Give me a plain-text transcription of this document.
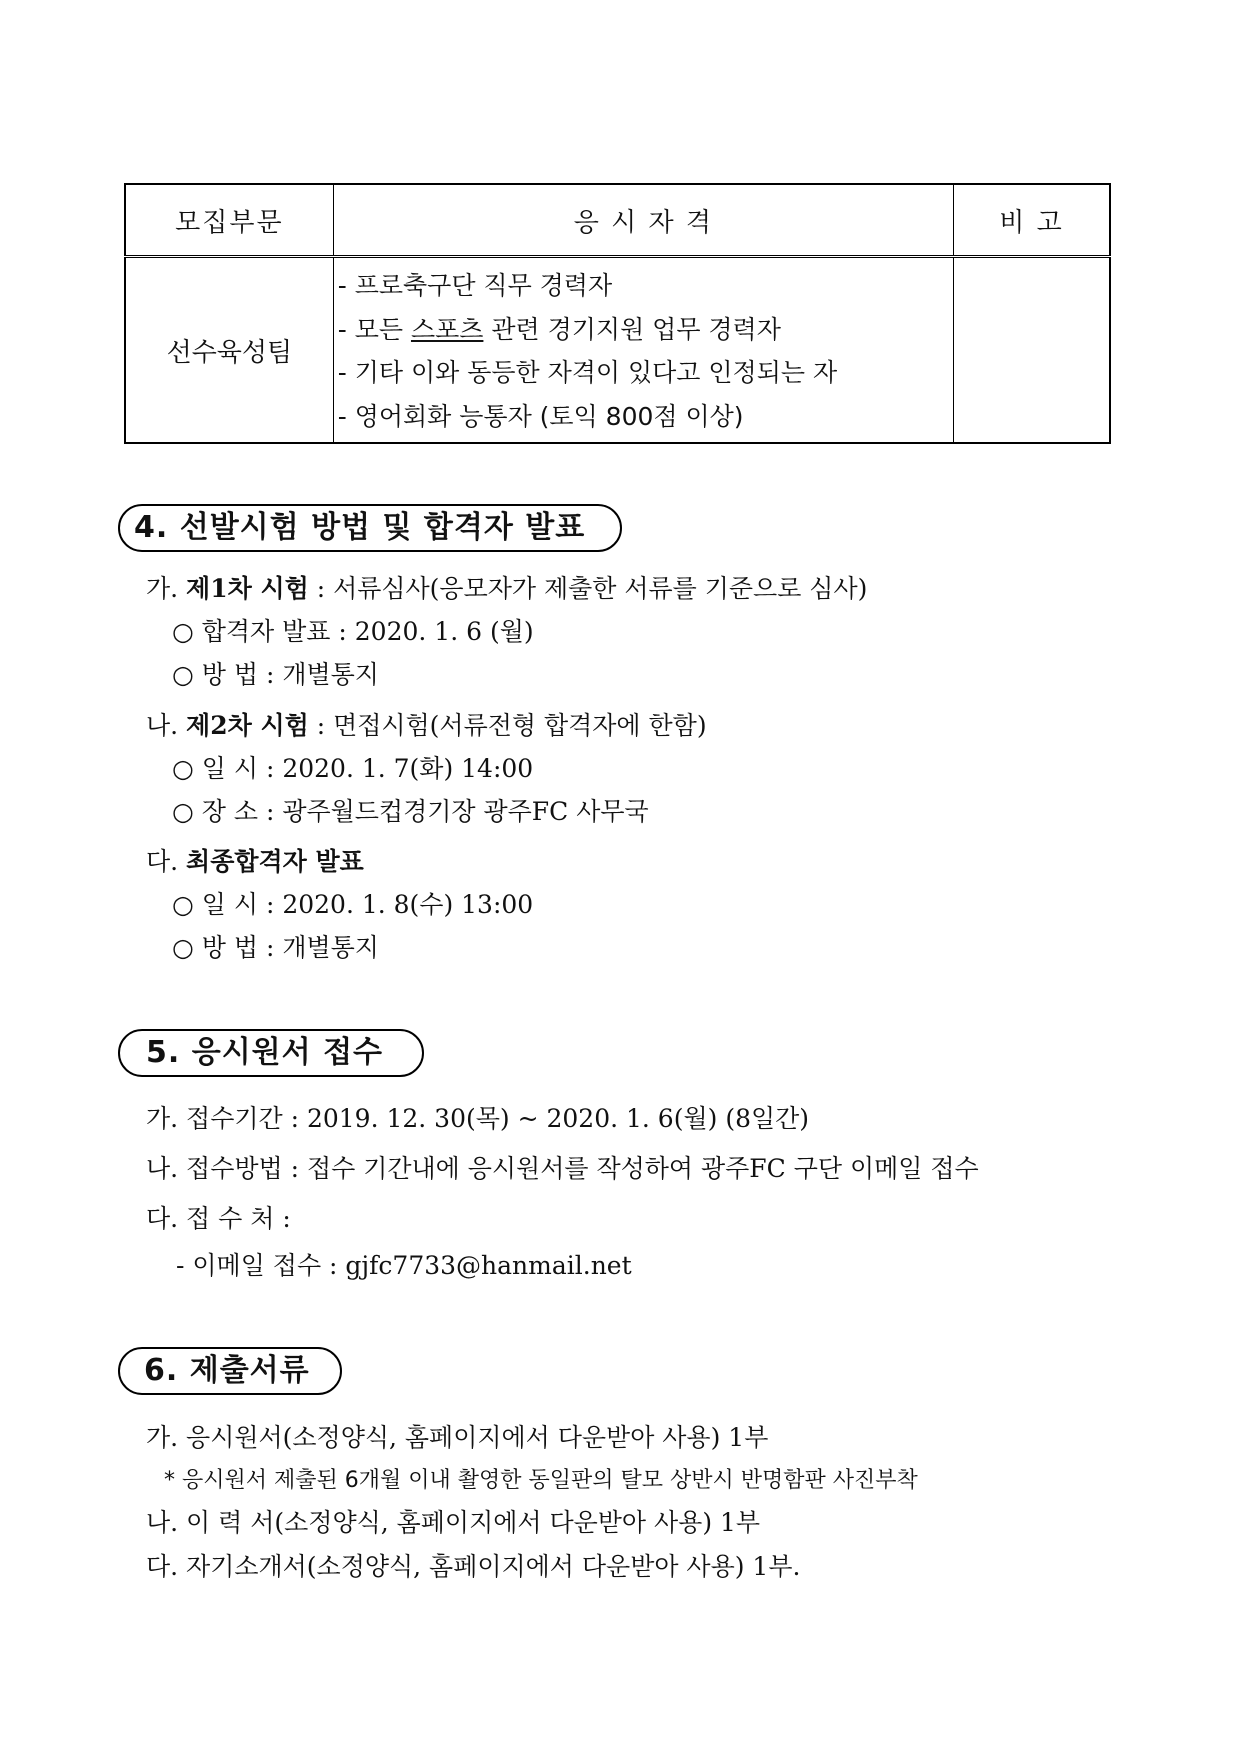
모집부문	응 시 자 격	비 고
선수육성팀	- 프로축구단 직무 경력자
- 모든 스포츠 관련 경기지원 업무 경력자
- 기타 이와 동등한 자격이 있다고 인정되는 자
- 영어회화 능통자 (토익 800점 이상)	

4. 선발시험 방법 및 합격자 발표
가. 제1차 시험 : 서류심사(응모자가 제출한 서류를 기준으로 심사)
○ 합격자 발표 : 2020. 1. 6 (월)
○ 방 법 : 개별통지
나. 제2차 시험 : 면접시험(서류전형 합격자에 한함)
○ 일 시 : 2020. 1. 7(화) 14:00
○ 장 소 : 광주월드컵경기장 광주FC 사무국
다. 최종합격자 발표
○ 일 시 : 2020. 1. 8(수) 13:00
○ 방 법 : 개별통지
5. 응시원서 접수
가. 접수기간 : 2019. 12. 30(목) ~ 2020. 1. 6(월) (8일간)
나. 접수방법 : 접수 기간내에 응시원서를 작성하여 광주FC 구단 이메일 접수
다. 접 수 처 :
- 이메일 접수 : gjfc7733@hanmail.net
6. 제출서류
가. 응시원서(소정양식, 홈페이지에서 다운받아 사용) 1부
* 응시원서 제출된 6개월 이내 촬영한 동일판의 탈모 상반시 반명함판 사진부착
나. 이 력 서(소정양식, 홈페이지에서 다운받아 사용) 1부
다. 자기소개서(소정양식, 홈페이지에서 다운받아 사용) 1부.
